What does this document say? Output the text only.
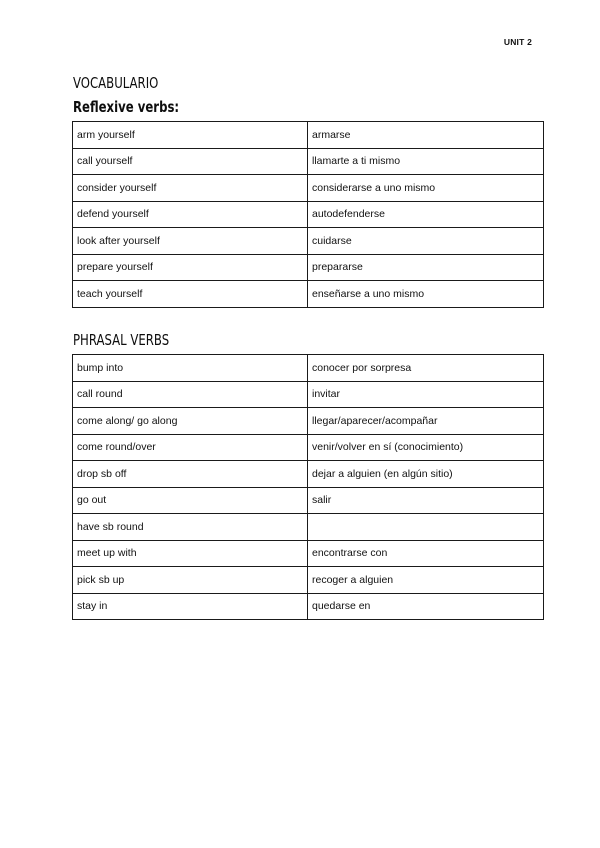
UNIT 2
VOCABULARIO
Reflexive verbs:
arm yourself	armarse
call yourself	llamarte a ti mismo
consider yourself	considerarse a uno mismo
defend yourself	autodefenderse
look after yourself	cuidarse
prepare yourself	prepararse
teach yourself	enseñarse a uno mismo
PHRASAL VERBS
bump into	conocer por sorpresa
call round	invitar
come along/ go along	llegar/aparecer/acompañar
come round/over	venir/volver en sí (conocimiento)
drop sb off	dejar a alguien (en algún sitio)
go out	salir
have sb round	
meet up with	encontrarse con
pick sb up	recoger a alguien
stay in	quedarse en
